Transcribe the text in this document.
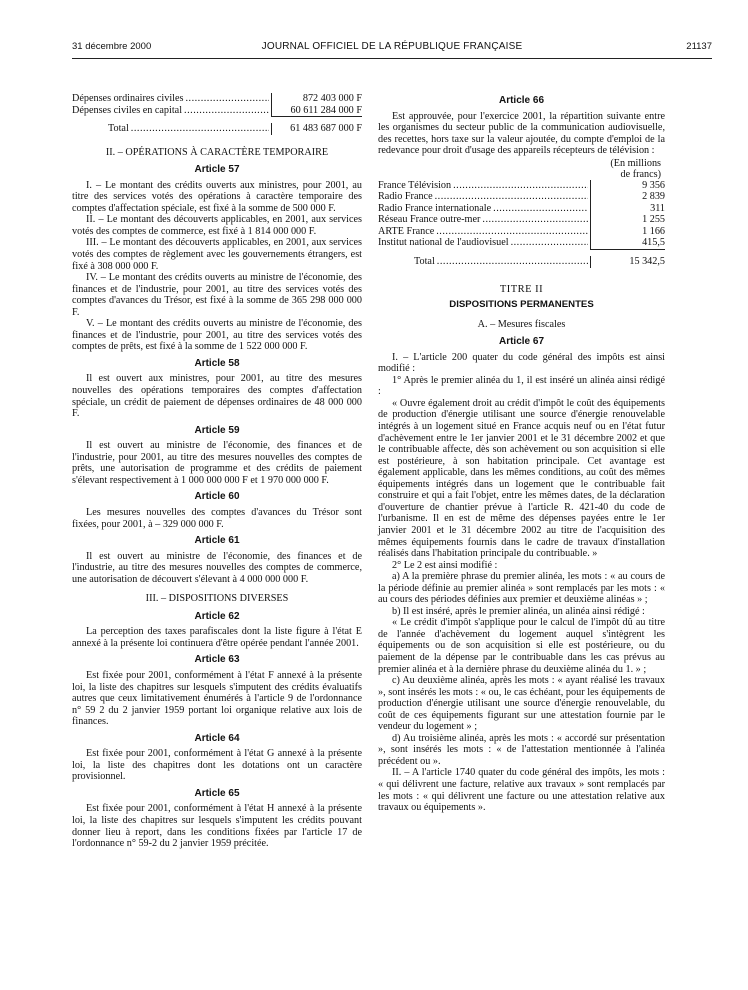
31 décembre 2000	JOURNAL OFFICIEL DE LA RÉPUBLIQUE FRANÇAISE	21137
Dépenses ordinaires civiles .....	872 403 000 F
Dépenses civiles en capital .....	60 611 284 000 F
Total .....	61 483 687 000 F
II. – OPÉRATIONS À CARACTÈRE TEMPORAIRE
Article 57

I. – Le montant des crédits ouverts aux ministres, pour 2001, au titre des services votés des opérations à caractère temporaire des comptes d'affectation spéciale, est fixé à la somme de 500 000 F.

II. – Le montant des découverts applicables, en 2001, aux services votés des comptes de commerce, est fixé à 1 814 000 000 F.

III. – Le montant des découverts applicables, en 2001, aux services votés des comptes de règlement avec les gouvernements étrangers, est fixé à 308 000 000 F.

IV. – Le montant des crédits ouverts au ministre de l'économie, des finances et de l'industrie, pour 2001, au titre des services votés des comptes d'avances du Trésor, est fixé à la somme de 365 298 000 000 F.

V. – Le montant des crédits ouverts au ministre de l'économie, des finances et de l'industrie, pour 2001, au titre des services votés des comptes de prêts, est fixé à la somme de 1 522 000 000 F.

Article 58

Il est ouvert aux ministres, pour 2001, au titre des mesures nouvelles des opérations temporaires des comptes d'affectation spéciale, un crédit de paiement de dépenses ordinaires de 48 000 000 F.

Article 59

Il est ouvert au ministre de l'économie, des finances et de l'industrie, pour 2001, au titre des mesures nouvelles des comptes de prêts, une autorisation de programme et des crédits de paiement s'élevant respectivement à 1 000 000 000 F et 1 970 000 000 F.

Article 60

Les mesures nouvelles des comptes d'avances du Trésor sont fixées, pour 2001, à – 329 000 000 F.

Article 61

Il est ouvert au ministre de l'économie, des finances et de l'industrie, au titre des mesures nouvelles des comptes de commerce, une autorisation de découvert s'élevant à 4 000 000 000 F.

III. – DISPOSITIONS DIVERSES
Article 62

La perception des taxes parafiscales dont la liste figure à l'état E annexé à la présente loi continuera d'être opérée pendant l'année 2001.

Article 63

Est fixée pour 2001, conformément à l'état F annexé à la présente loi, la liste des chapitres sur lesquels s'imputent des crédits évaluatifs autres que ceux limitativement énumérés à l'article 9 de l'ordonnance n° 59 2 du 2 janvier 1959 portant loi organique relative aux lois de finances.

Article 64

Est fixée pour 2001, conformément à l'état G annexé à la présente loi, la liste des chapitres dont les dotations ont un caractère provisionnel.

Article 65

Est fixée pour 2001, conformément à l'état H annexé à la présente loi, la liste des chapitres sur lesquels s'imputent les crédits pouvant donner lieu à report, dans les conditions fixées par l'article 17 de l'ordonnance n° 59-2 du 2 janvier 1959 précitée.

Article 66

Est approuvée, pour l'exercice 2001, la répartition suivante entre les organismes du secteur public de la communication audiovisuelle, des recettes, hors taxe sur la valeur ajoutée, du compte d'emploi de la redevance pour droit d'usage des appareils récepteurs de télévision :

(En millions
de francs)
France Télévision .....	9 356
Radio France .....	2 839
Radio France internationale .....	311
Réseau France outre-mer .....	1 255
ARTE France .....	1 166
Institut national de l'audiovisuel .....	415,5
Total .....	15 342,5
TITRE II
DISPOSITIONS PERMANENTES
A. – Mesures fiscales
Article 67

I. – L'article 200 quater du code général des impôts est ainsi modifié :

1° Après le premier alinéa du 1, il est inséré un alinéa ainsi rédigé :

« Ouvre également droit au crédit d'impôt le coût des équipements de production d'énergie utilisant une source d'énergie renouvelable intégrés à un logement situé en France acquis neuf ou en l'état futur d'achèvement entre le 1er janvier 2001 et le 31 décembre 2002 et que le contribuable affecte, dès son achèvement ou son acquisition si elle est postérieure, à son habitation principale. Cet avantage est également applicable, dans les mêmes conditions, au coût des mêmes équipements intégrés dans un logement que le contribuable fait construire et qui a fait l'objet, entre les mêmes dates, de la déclaration d'ouverture de chantier prévue à l'article R. 421-40 du code de l'urbanisme. Il en est de même des dépenses payées entre le 1er janvier 2001 et le 31 décembre 2002 au titre de l'acquisition des mêmes équipements fournis dans le cadre de travaux d'installation réalisés dans l'habitation principale du contribuable. »

2° Le 2 est ainsi modifié :

a) A la première phrase du premier alinéa, les mots : « au cours de la période définie au premier alinéa » sont remplacés par les mots : « au cours des périodes définies aux premier et deuxième alinéas » ;

b) Il est inséré, après le premier alinéa, un alinéa ainsi rédigé :

« Le crédit d'impôt s'applique pour le calcul de l'impôt dû au titre de l'année d'achèvement du logement auquel s'intègrent les équipements ou de son acquisition si elle est postérieure, ou du paiement de la dépense par le contribuable dans les cas prévus au premier alinéa et à la dernière phrase du deuxième alinéa du 1. » ;

c) Au deuxième alinéa, après les mots : « ayant réalisé les travaux », sont insérés les mots : « ou, le cas échéant, pour les équipements de production d'énergie utilisant une source d'énergie renouvelable, du coût de ces équipements figurant sur une attestation fournie par le vendeur du logement » ;

d) Au troisième alinéa, après les mots : « accordé sur présentation », sont insérés les mots : « de l'attestation mentionnée à l'alinéa précédent ou ».

II. – A l'article 1740 quater du code général des impôts, les mots : « qui délivrent une facture, relative aux travaux » sont remplacés par les mots : « qui délivrent une facture ou une attestation relative aux travaux ou équipements ».
